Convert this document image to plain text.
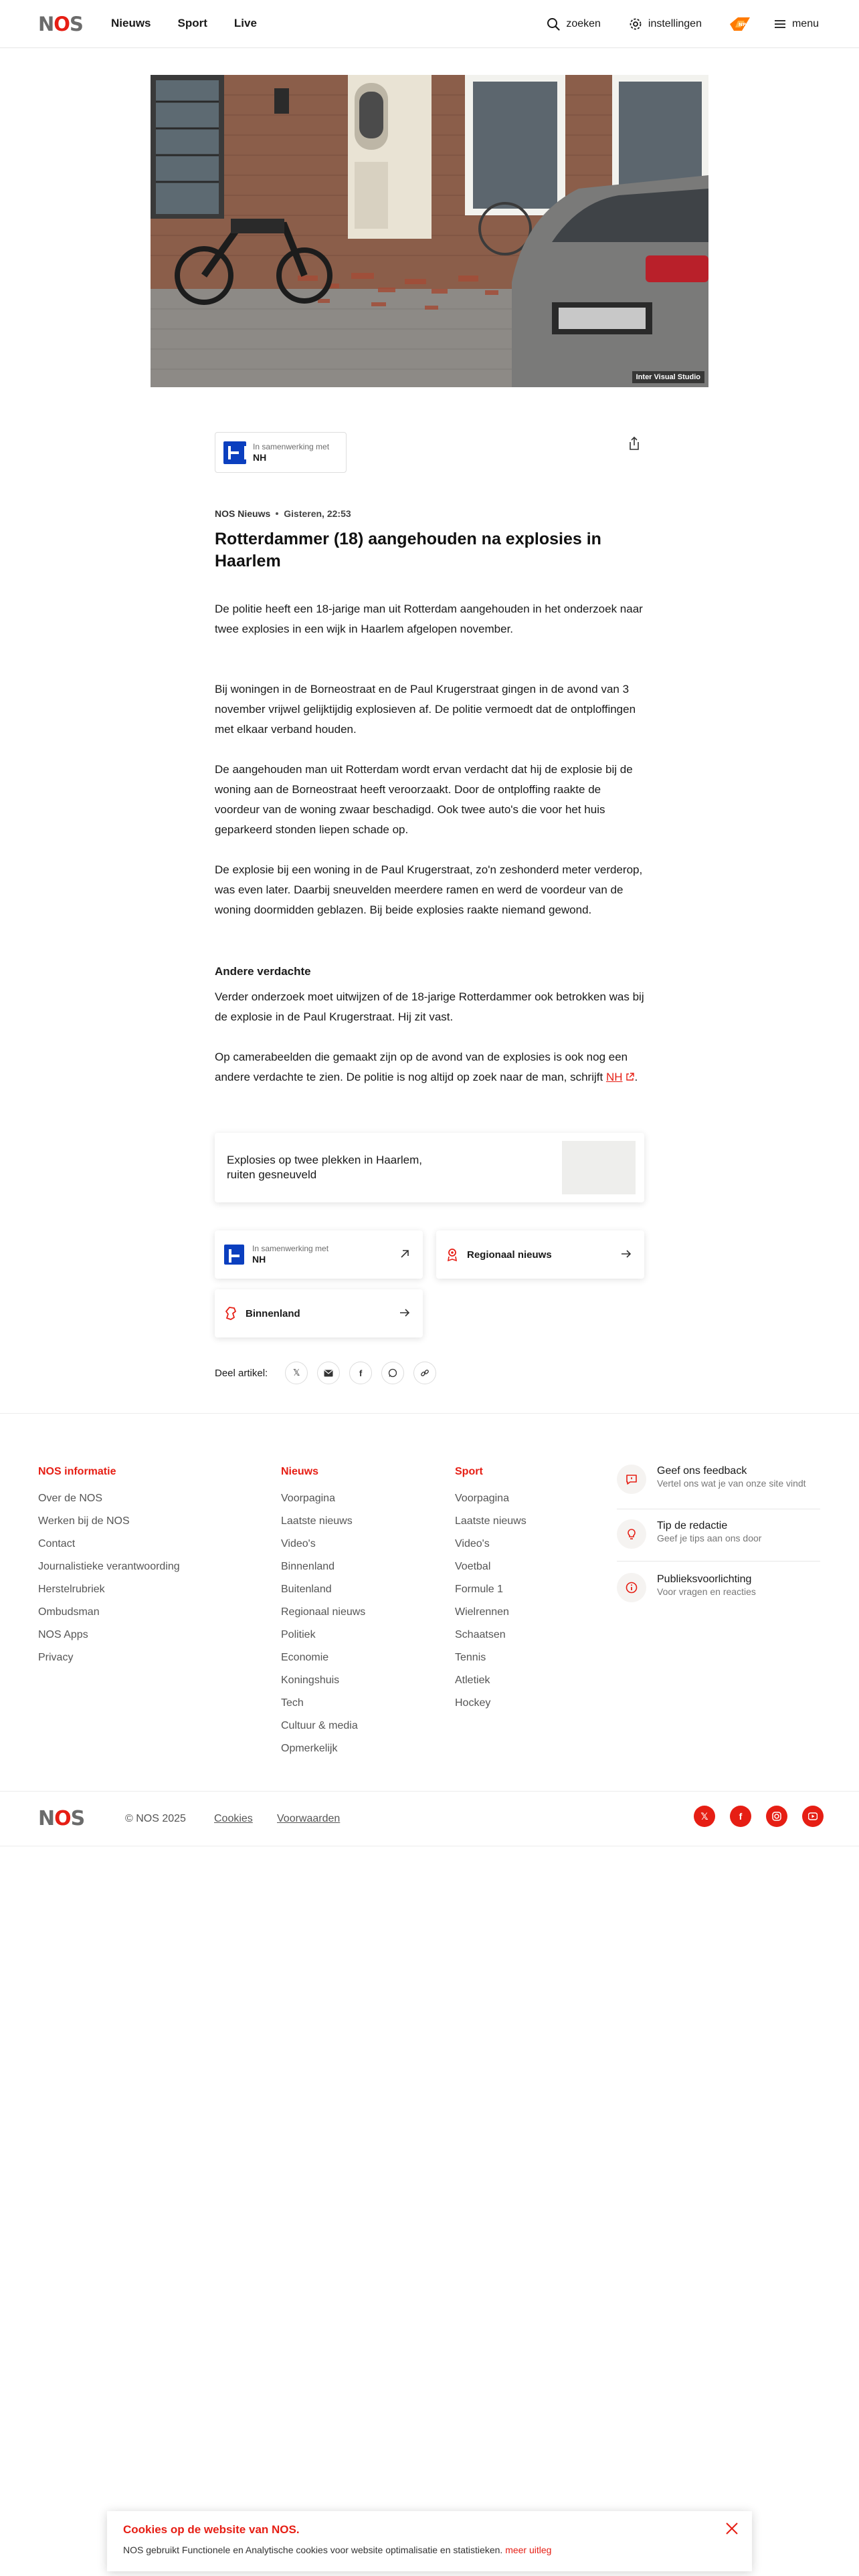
NOS Nieuws Sport Live	zoeken	instellingen	NPO	menu
Inter Visual Studio
In samenwerking met
NH
NOS Nieuws Gisteren, 22:53
Rotterdammer (18) aangehouden na explosies in Haarlem

De politie heeft een 18-jarige man uit Rotterdam aangehouden in het onderzoek naar twee explosies in een wijk in Haarlem afgelopen november.

Bij woningen in de Borneostraat en de Paul Krugerstraat gingen in de avond van 3 november vrijwel gelijktijdig explosieven af. De politie vermoedt dat de ontploffingen met elkaar verband houden.

De aangehouden man uit Rotterdam wordt ervan verdacht dat hij de explosie bij de woning aan de Borneostraat heeft veroorzaakt. Door de ontploffing raakte de voordeur van de woning zwaar beschadigd. Ook twee auto's die voor het huis geparkeerd stonden liepen schade op.

De explosie bij een woning in de Paul Krugerstraat, zo'n zeshonderd meter verderop, was even later. Daarbij sneuvelden meerdere ramen en werd de voordeur van de woning doormidden geblazen. Bij beide explosies raakte niemand gewond.

Andere verdachte

Verder onderzoek moet uitwijzen of de 18-jarige Rotterdammer ook betrokken was bij de explosie in de Paul Krugerstraat. Hij zit vast.

Op camerabeelden die gemaakt zijn op de avond van de explosies is ook nog een andere verdachte te zien. De politie is nog altijd op zoek naar de man, schrijft NH .

Explosies op twee plekken in Haarlem, ruiten gesneuveld
In samenwerking met
NH	Regionaal nieuws
Binnenland
Deel artikel:	𝕏	f
NOS informatie
Over de NOS
Werken bij de NOS
Contact
Journalistieke verantwoording
Herstelrubriek
Ombudsman
NOS Apps
Privacy
Nieuws
Voorpagina
Laatste nieuws
Video's
Binnenland
Buitenland
Regionaal nieuws
Politiek
Economie
Koningshuis
Tech
Cultuur & media
Opmerkelijk
Sport
Voorpagina
Laatste nieuws
Video's
Voetbal
Formule 1
Wielrennen
Schaatsen
Tennis
Atletiek
Hockey
Geef ons feedback
Vertel ons wat je van onze site vindt
Tip de redactie
Geef je tips aan ons door
Publieksvoorlichting
Voor vragen en reacties
NOS	© NOS 2025	Cookies Voorwaarden	𝕏	f
Cookies op de website van NOS.
NOS gebruikt Functionele en Analytische cookies voor website optimalisatie en statistieken. meer uitleg
